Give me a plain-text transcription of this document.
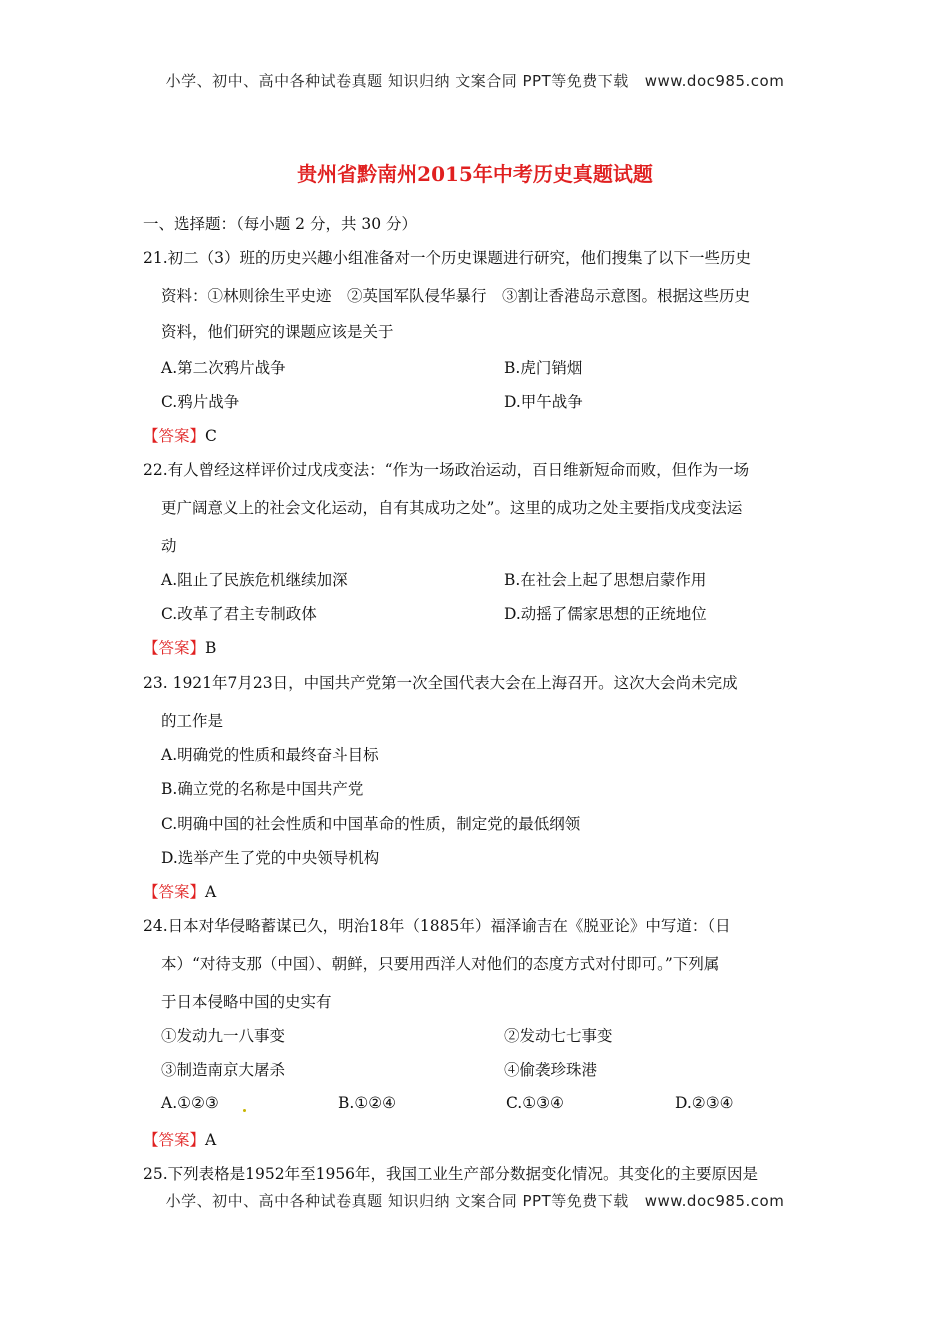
小学、初中、高中各种试卷真题 知识归纳 文案合同 PPT等免费下载 www.doc985.com
贵州省黔南州2015年中考历史真题试题
一、选择题：（每小题 2 分，共 30 分）
21.初二（3）班的历史兴趣小组准备对一个历史课题进行研究，他们搜集了以下一些历史
资料：①林则徐生平史迹　②英国军队侵华暴行　③割让香港岛示意图。根据这些历史
资料，他们研究的课题应该是关于
A.第二次鸦片战争	B.虎门销烟
C.鸦片战争	D.甲午战争
【答案】C
22.有人曾经这样评价过戊戌变法：“作为一场政治运动，百日维新短命而败，但作为一场
更广阔意义上的社会文化运动，自有其成功之处”。这里的成功之处主要指戊戌变法运
动
A.阻止了民族危机继续加深	B.在社会上起了思想启蒙作用
C.改革了君主专制政体	D.动摇了儒家思想的正统地位
【答案】B
23. 1921年7月23日，中国共产党第一次全国代表大会在上海召开。这次大会尚未完成
的工作是
A.明确党的性质和最终奋斗目标
B.确立党的名称是中国共产党
C.明确中国的社会性质和中国革命的性质，制定党的最低纲领
D.选举产生了党的中央领导机构
【答案】A
24.日本对华侵略蓄谋已久，明治18年（1885年）福泽谕吉在《脱亚论》中写道：（日
本）“对待支那（中国）、朝鲜，只要用西洋人对他们的态度方式对付即可。”下列属
于日本侵略中国的史实有
①发动九一八事变	②发动七七事变
③制造南京大屠杀	④偷袭珍珠港
A.①②③	B.①②④	C.①③④	D.②③④
【答案】A
25.下列表格是1952年至1956年，我国工业生产部分数据变化情况。其变化的主要原因是
小学、初中、高中各种试卷真题 知识归纳 文案合同 PPT等免费下载 www.doc985.com
